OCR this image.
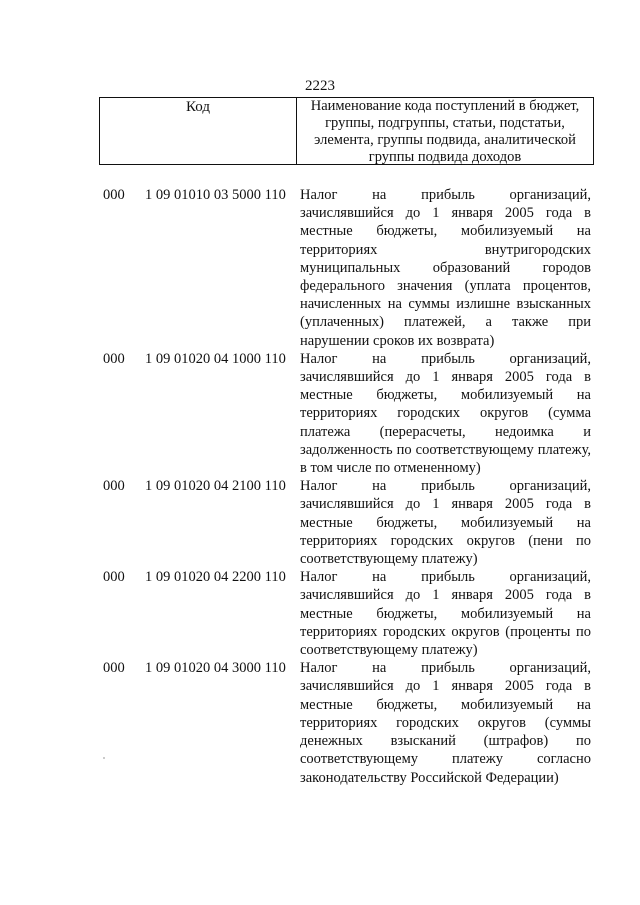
2223
Код	Наименование кода поступлений в бюджет, группы, подгруппы, статьи, подстатьи, элемента, группы подвида, аналитической группы подвида доходов
000	1 09 01010 03 5000 110 Налог на прибыль организаций, зачислявшийся до 1 января 2005 года в местные бюджеты, мобилизуемый на территориях внутригородских муниципальных образований городов федерального значения (уплата процентов, начисленных на суммы излишне взысканных (уплаченных) платежей, а также при нарушении сроков их возврата)
000	1 09 01020 04 1000 110 Налог на прибыль организаций, зачислявшийся до 1 января 2005 года в местные бюджеты, мобилизуемый на территориях городских округов (сумма платежа (перерасчеты, недоимка и задолженность по соответствующему платежу, в том числе по отмененному)
000	1 09 01020 04 2100 110 Налог на прибыль организаций, зачислявшийся до 1 января 2005 года в местные бюджеты, мобилизуемый на территориях городских округов (пени по соответствующему платежу)
000	1 09 01020 04 2200 110 Налог на прибыль организаций, зачислявшийся до 1 января 2005 года в местные бюджеты, мобилизуемый на территориях городских округов (проценты по соответствующему платежу)
000	1 09 01020 04 3000 110 Налог на прибыль организаций, зачислявшийся до 1 января 2005 года в местные бюджеты, мобилизуемый на территориях городских округов (суммы денежных взысканий (штрафов) по соответствующему платежу согласно законодательству Российской Федерации)
